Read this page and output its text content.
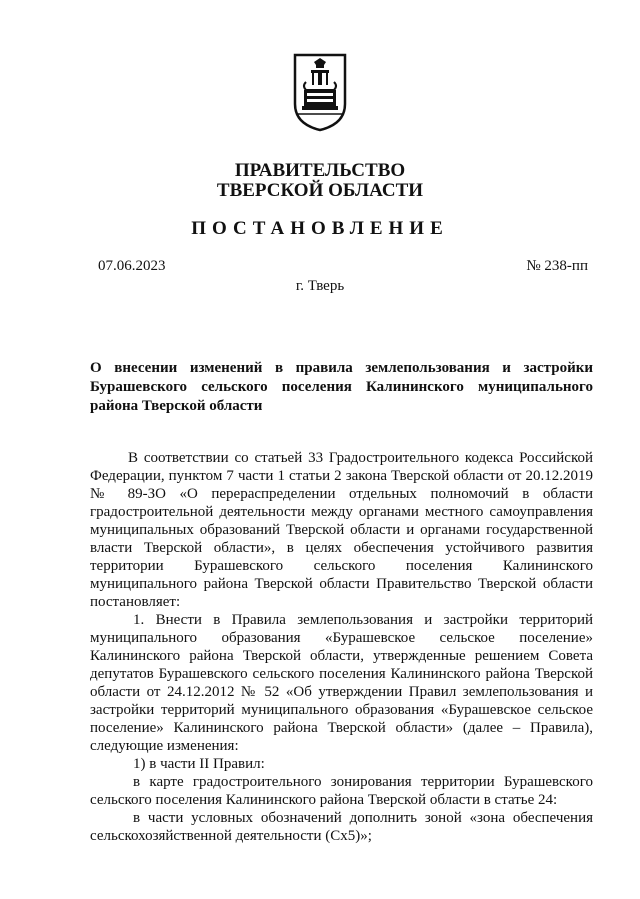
ПРАВИТЕЛЬСТВО
ТВЕРСКОЙ ОБЛАСТИ
ПОСТАНОВЛЕНИЕ
07.06.2023	№ 238-пп
г. Тверь
О внесении изменений в правила землепользования и застройки Бурашевского сельского поселения Калининского муниципального района Тверской области

В соответствии со статьей 33 Градостроительного кодекса Российской Федерации, пунктом 7 части 1 статьи 2 закона Тверской области от 20.12.2019 № 89-ЗО «О перераспределении отдельных полномочий в области градостроительной деятельности между органами местного самоуправления муниципальных образований Тверской области и органами государственной власти Тверской области», в целях обеспечения устойчивого развития территории Бурашевского сельского поселения Калининского муниципального района Тверской области Правительство Тверской области постановляет:

1. Внести в Правила землепользования и застройки территорий муниципального образования «Бурашевское сельское поселение» Калининского района Тверской области, утвержденные решением Совета депутатов Бурашевского сельского поселения Калининского района Тверской области от 24.12.2012 № 52 «Об утверждении Правил землепользования и застройки территорий муниципального образования «Бурашевское сельское поселение» Калининского района Тверской области» (далее – Правила), следующие изменения:

1) в части II Правил:

в карте градостроительного зонирования территории Бурашевского сельского поселения Калининского района Тверской области в статье 24:

в части условных обозначений дополнить зоной «зона обеспечения сельскохозяйственной деятельности (Сх5)»;
